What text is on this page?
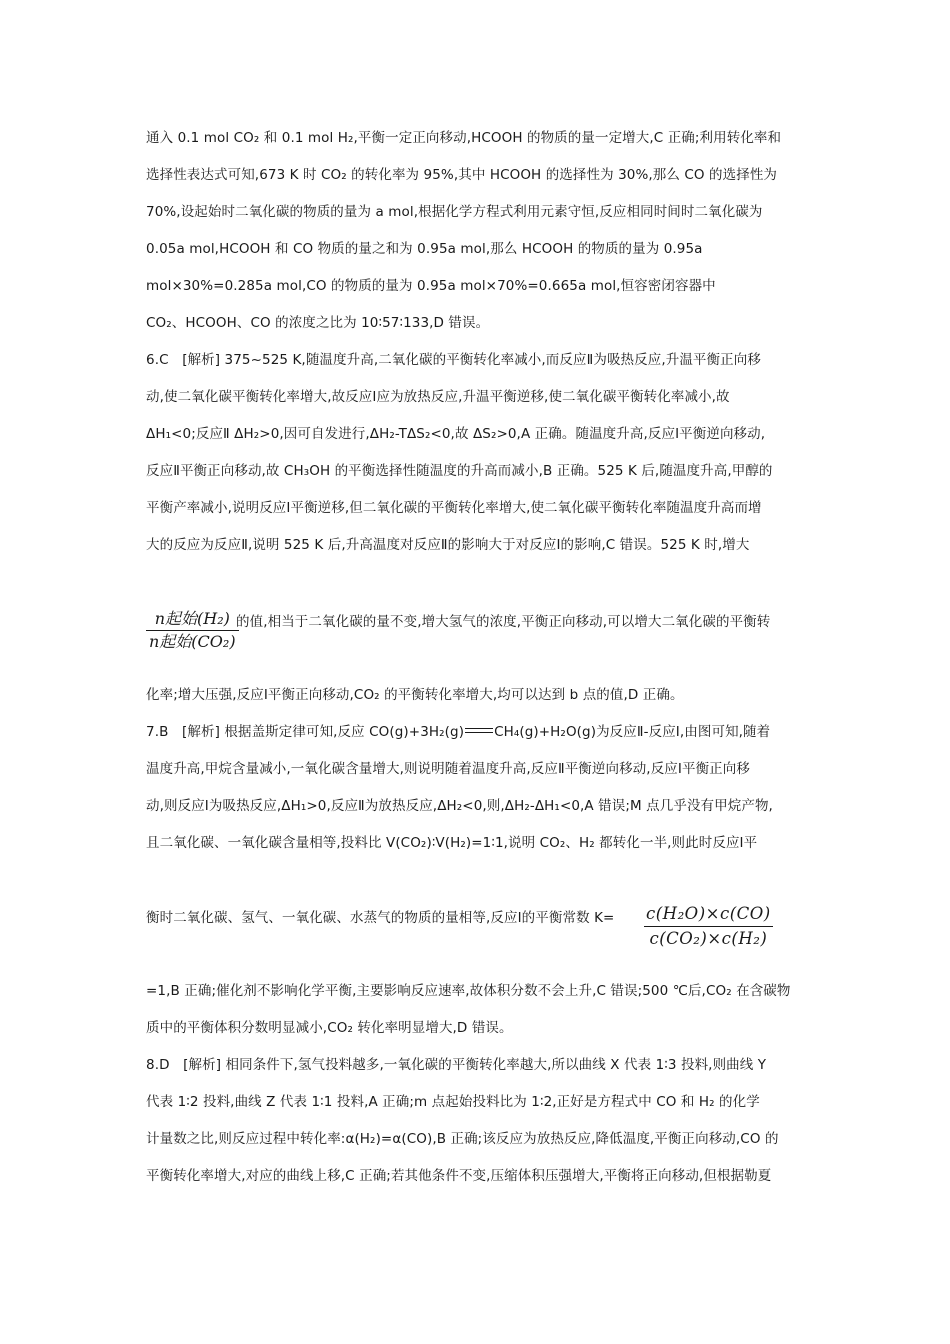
通入 0.1 mol CO₂ 和 0.1 mol H₂,平衡一定正向移动,HCOOH 的物质的量一定增大,C 正确;利用转化率和
选择性表达式可知,673 K 时 CO₂ 的转化率为 95%,其中 HCOOH 的选择性为 30%,那么 CO 的选择性为
70%,设起始时二氧化碳的物质的量为 a mol,根据化学方程式利用元素守恒,反应相同时间时二氧化碳为
0.05a mol,HCOOH 和 CO 物质的量之和为 0.95a mol,那么 HCOOH 的物质的量为 0.95a
mol×30%=0.285a mol,CO 的物质的量为 0.95a mol×70%=0.665a mol,恒容密闭容器中
CO₂、HCOOH、CO 的浓度之比为 10∶57∶133,D 错误。
6.C　[解析] 375~525 K,随温度升高,二氧化碳的平衡转化率减小,而反应Ⅱ为吸热反应,升温平衡正向移
动,使二氧化碳平衡转化率增大,故反应Ⅰ应为放热反应,升温平衡逆移,使二氧化碳平衡转化率减小,故
ΔH₁<0;反应Ⅱ ΔH₂>0,因可自发进行,ΔH₂-TΔS₂<0,故 ΔS₂>0,A 正确。随温度升高,反应Ⅰ平衡逆向移动,
反应Ⅱ平衡正向移动,故 CH₃OH 的平衡选择性随温度的升高而减小,B 正确。525 K 后,随温度升高,甲醇的
平衡产率减小,说明反应Ⅰ平衡逆移,但二氧化碳的平衡转化率增大,使二氧化碳平衡转化率随温度升高而增
大的反应为反应Ⅱ,说明 525 K 后,升高温度对反应Ⅱ的影响大于对反应Ⅰ的影响,C 错误。525 K 时,增大
n起始(H₂)
n起始(CO₂)
的值,相当于二氧化碳的量不变,增大氢气的浓度,平衡正向移动,可以增大二氧化碳的平衡转
化率;增大压强,反应Ⅰ平衡正向移动,CO₂ 的平衡转化率增大,均可以达到 b 点的值,D 正确。
7.B　[解析] 根据盖斯定律可知,反应 CO(g)+3H₂(g) CH₄(g)+H₂O(g)为反应Ⅱ-反应Ⅰ,由图可知,随着
温度升高,甲烷含量减小,一氧化碳含量增大,则说明随着温度升高,反应Ⅱ平衡逆向移动,反应Ⅰ平衡正向移
动,则反应Ⅰ为吸热反应,ΔH₁>0,反应Ⅱ为放热反应,ΔH₂<0,则,ΔH₂-ΔH₁<0,A 错误;M 点几乎没有甲烷产物,
且二氧化碳、一氧化碳含量相等,投料比 V(CO₂)∶V(H₂)=1∶1,说明 CO₂、H₂ 都转化一半,则此时反应Ⅰ平
衡时二氧化碳、氢气、一氧化碳、水蒸气的物质的量相等,反应Ⅰ的平衡常数 K= c(H₂O)×c(CO)
c(CO₂)×c(H₂)
=1,B 正确;催化剂不影响化学平衡,主要影响反应速率,故体积分数不会上升,C 错误;500 ℃后,CO₂ 在含碳物
质中的平衡体积分数明显减小,CO₂ 转化率明显增大,D 错误。
8.D　[解析] 相同条件下,氢气投料越多,一氧化碳的平衡转化率越大,所以曲线 X 代表 1∶3 投料,则曲线 Y
代表 1∶2 投料,曲线 Z 代表 1∶1 投料,A 正确;m 点起始投料比为 1∶2,正好是方程式中 CO 和 H₂ 的化学
计量数之比,则反应过程中转化率:α(H₂)=α(CO),B 正确;该反应为放热反应,降低温度,平衡正向移动,CO 的
平衡转化率增大,对应的曲线上移,C 正确;若其他条件不变,压缩体积压强增大,平衡将正向移动,但根据勒夏
